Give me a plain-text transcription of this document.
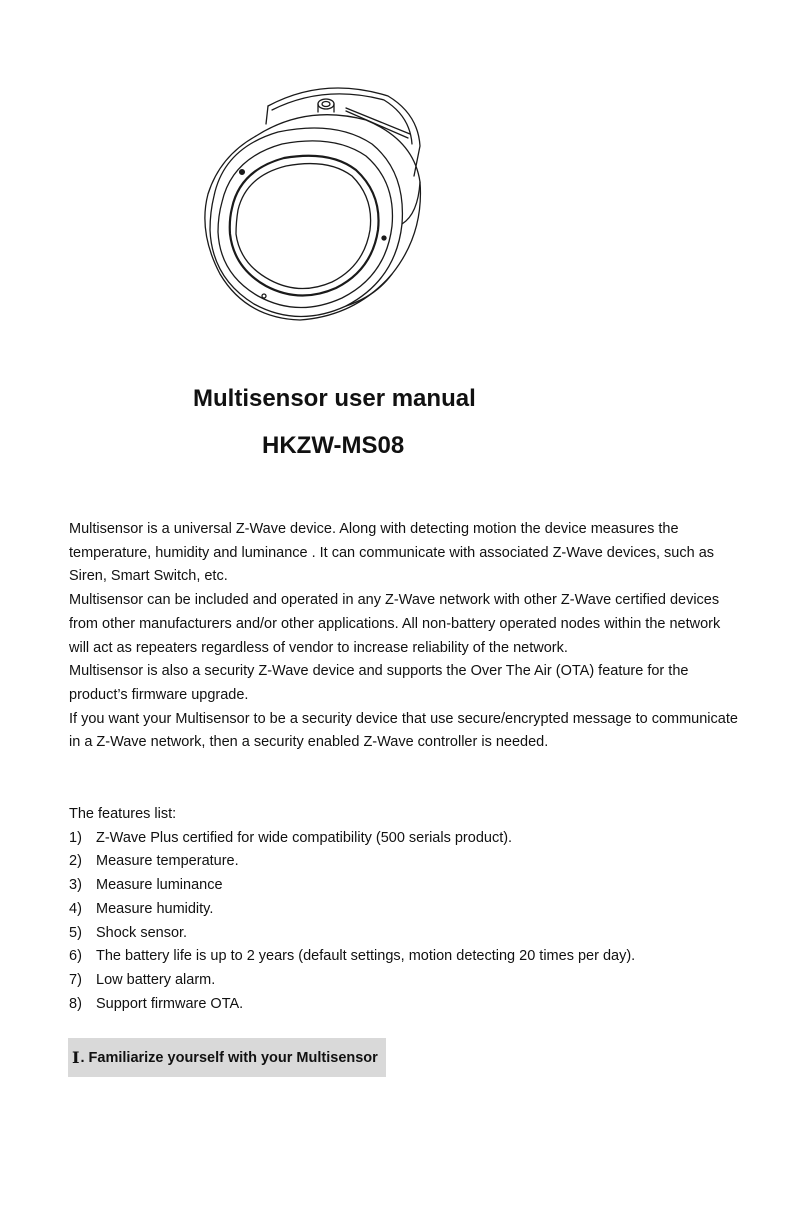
Multisensor user manual
HKZW-MS08

Multisensor is a universal Z-Wave device. Along with detecting motion the device measures the temperature, humidity and luminance . It can communicate with associated Z-Wave devices, such as Siren, Smart Switch, etc.

Multisensor can be included and operated in any Z-Wave network with other Z-Wave certified devices from other manufacturers and/or other applications. All non-battery operated nodes within the network will act as repeaters regardless of vendor to increase reliability of the network.

Multisensor is also a security Z-Wave device and supports the Over The Air (OTA) feature for the product’s firmware upgrade.

If you want your Multisensor to be a security device that use secure/encrypted message to communicate in a Z-Wave network, then a security enabled Z-Wave controller is needed.

The features list:

1) Z-Wave Plus certified for wide compatibility (500 serials product).
2) Measure temperature.
3) Measure luminance
4) Measure humidity.
5) Shock sensor.
6) The battery life is up to 2 years (default settings, motion detecting 20 times per day).
7) Low battery alarm.
8) Support firmware OTA.
Ⅰ . Familiarize yourself with your Multisensor
